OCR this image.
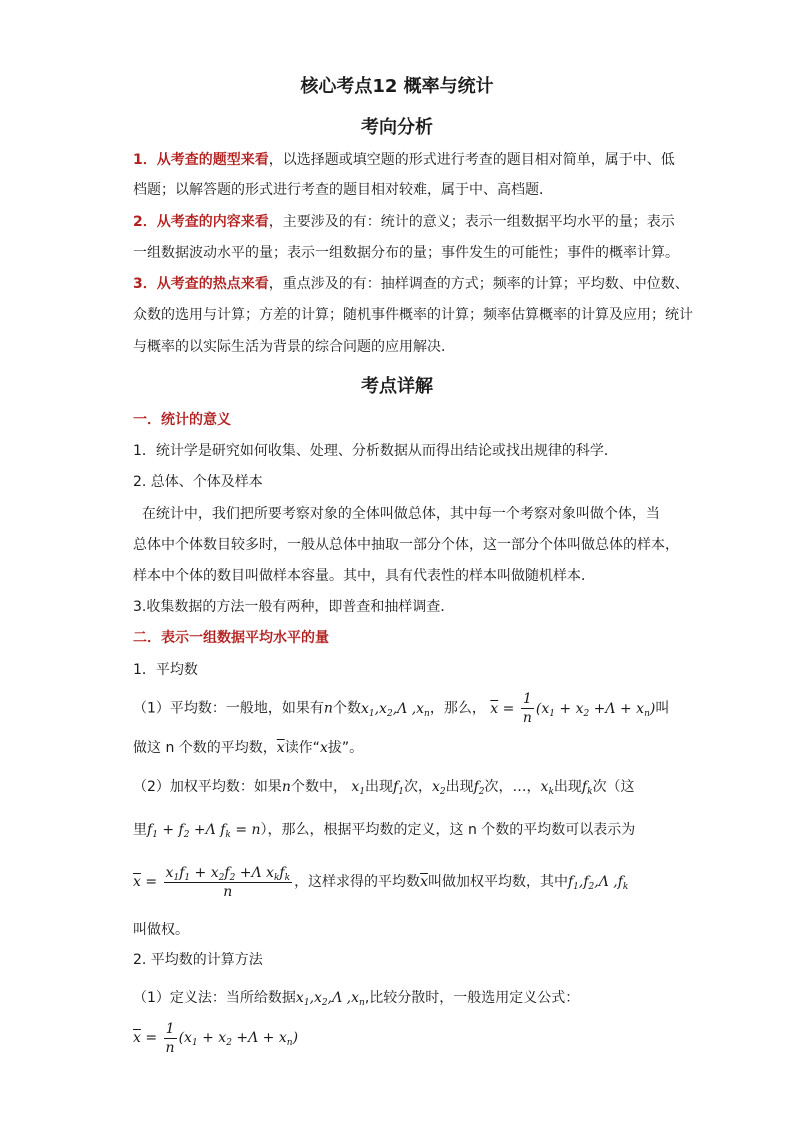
核心考点12 概率与统计
考向分析
1．从考查的题型来看，以选择题或填空题的形式进行考查的题目相对简单，属于中、低
档题；以解答题的形式进行考查的题目相对较难，属于中、高档题．
2．从考查的内容来看，主要涉及的有：统计的意义；表示一组数据平均水平的量；表示
一组数据波动水平的量；表示一组数据分布的量；事件发生的可能性；事件的概率计算。
3．从考查的热点来看，重点涉及的有：抽样调查的方式；频率的计算；平均数、中位数、
众数的选用与计算；方差的计算；随机事件概率的计算；频率估算概率的计算及应用；统计
与概率的以实际生活为背景的综合问题的应用解决．
考点详解
一．统计的意义
1．统计学是研究如何收集、处理、分析数据从而得出结论或找出规律的科学．
2. 总体、个体及样本
在统计中，我们把所要考察对象的全体叫做总体，其中每一个考察对象叫做个体，当
总体中个体数目较多时，一般从总体中抽取一部分个体，这一部分个体叫做总体的样本，
样本中个体的数目叫做样本容量。其中，具有代表性的样本叫做随机样本．
3.收集数据的方法一般有两种，即普查和抽样调查．
二．表示一组数据平均水平的量
1．平均数
（1）平均数：一般地，如果有n个数$x_1,x_2,\Lambda$ $,x_n$，那么， $\overline{x} = \frac{1}{n} (x_1 + x_2 +\Lambda + x_n)$叫
做这 n 个数的平均数，$\overline{x}$读作“x拔”。
（2）加权平均数：如果n个数中， $x_1$出现$f_1$次，$x_2$出现$f_2$次，…，$x_k$出现$f_k$次（这
里$f_1 + f_2 +\Lambda$ $f_k = n$），那么，根据平均数的定义，这 n 个数的平均数可以表示为
$\overline{x} = \frac{x_1f_1 + x_2f_2 +\Lambda x_kf_k}{n}$ ，这样求得的平均数$\overline{x}$叫做加权平均数，其中$f_1,f_2,\Lambda$ $,f_k$
叫做权。
2. 平均数的计算方法
（1）定义法：当所给数据$x_1,x_2,\Lambda$ $,x_n$,比较分散时，一般选用定义公式：
$\overline{x} = \frac{1}{n} (x_1 + x_2 +\Lambda + x_n)$
